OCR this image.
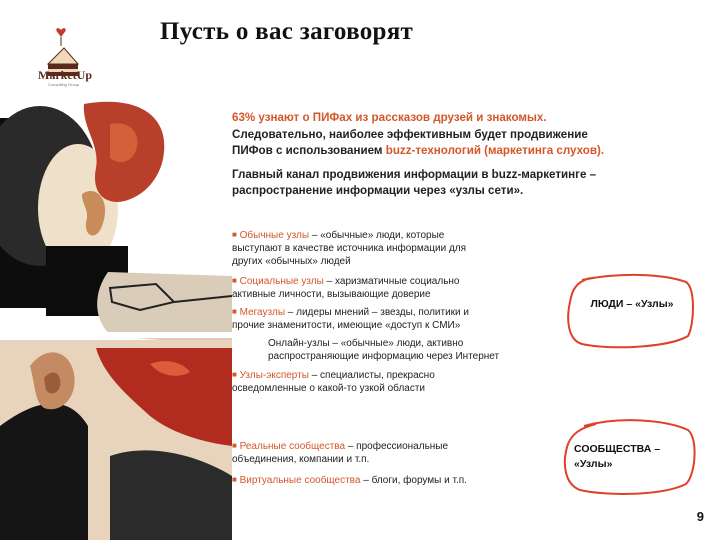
Пусть о вас заговорят
MarketUp
Consulting Group

63% узнают о ПИФах из рассказов друзей и знакомых.
Следовательно, наиболее эффективным будет продвижение
ПИФов с использованием buzz-технологий (маркетинга слухов).

Главный канал продвижения информации в buzz-маркетинге –
распространение информации через «узлы сети».

■ Обычные узлы – «обычные» люди, которые

выступают в качестве источника информации для

других «обычных» людей

■ Социальные узлы – харизматичные социально

активные личности, вызывающие доверие

■ Мегаузлы – лидеры мнений – звезды, политики и

прочие знаменитости, имеющие «доступ к СМИ»

Онлайн-узлы – «обычные» люди, активно

распространяющие информацию через Интернет

■ Узлы-эксперты – специалисты, прекрасно

осведомленные о какой-то узкой области

■ Реальные сообщества – профессиональные

объединения, компании и т.п.

■ Виртуальные сообщества – блоги, форумы и т.п.

ЛЮДИ – «Узлы»
СООБЩЕСТВА –
«Узлы»
9
